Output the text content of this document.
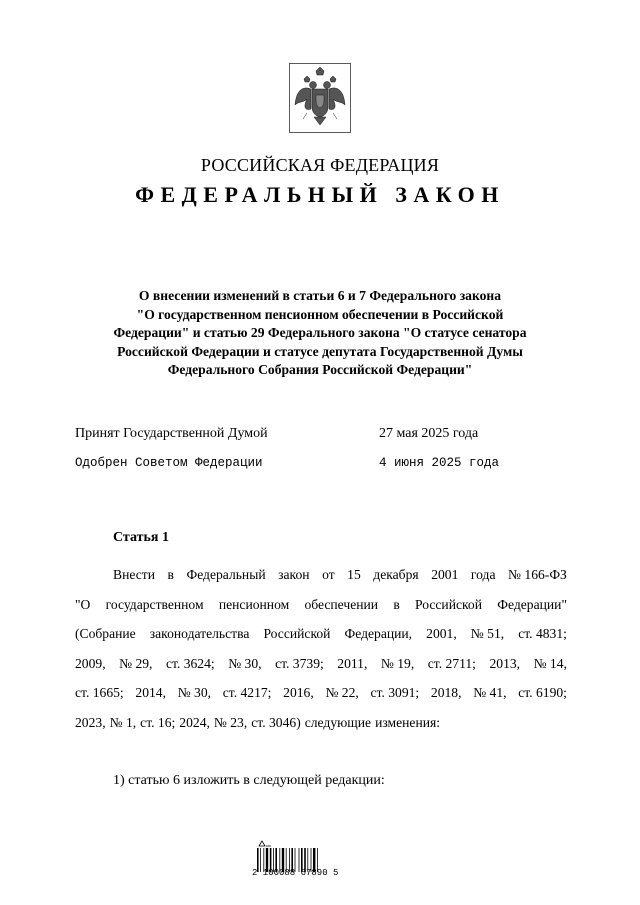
РОССИЙСКАЯ ФЕДЕРАЦИЯ
ФЕДЕРАЛЬНЫЙ ЗАКОН
О внесении изменений в статьи 6 и 7 Федерального закона
"О государственном пенсионном обеспечении в Российской
Федерации" и статью 29 Федерального закона "О статусе сенатора
Российской Федерации и статусе депутата Государственной Думы
Федерального Собрания Российской Федерации"
Принят Государственной Думой	27 мая 2025 года
Одобрен Советом Федерации	4 июня 2025 года
Статья 1
Внести в Федеральный закон от 15 декабря 2001 года № 166-ФЗ
"О государственном пенсионном обеспечении в Российской Федерации"
(Собрание законодательства Российской Федерации, 2001, № 51, ст. 4831;
2009, № 29, ст. 3624; № 30, ст. 3739; 2011, № 19, ст. 2711; 2013, № 14,
ст. 1665; 2014, № 30, ст. 4217; 2016, № 22, ст. 3091; 2018, № 41, ст. 6190;
2023, № 1, ст. 16; 2024, № 23, ст. 3046) следующие изменения:
1) статью 6 изложить в следующей редакции:
2 100088 67890 5
